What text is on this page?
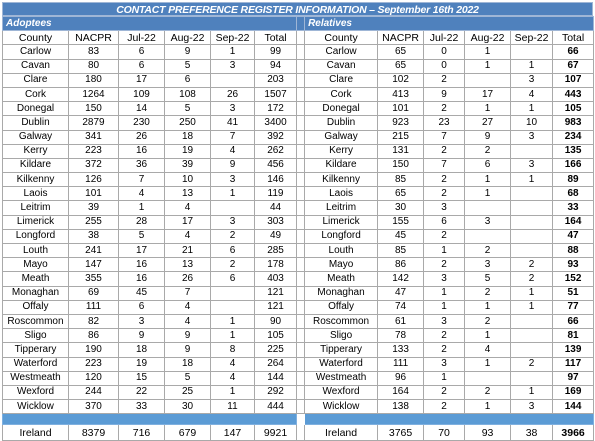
CONTACT PREFERENCE REGISTER INFORMATION – September 16th 2022
Adoptees							Relatives					
County	NACPR	Jul-22	Aug-22	Sep-22	Total		County	NACPR	Jul-22	Aug-22	Sep-22	Total
Carlow	83	6	9	1	99		Carlow	65	0	1		66
Cavan	80	6	5	3	94		Cavan	65	0	1	1	67
Clare	180	17	6		203		Clare	102	2		3	107
Cork	1264	109	108	26	1507		Cork	413	9	17	4	443
Donegal	150	14	5	3	172		Donegal	101	2	1	1	105
Dublin	2879	230	250	41	3400		Dublin	923	23	27	10	983
Galway	341	26	18	7	392		Galway	215	7	9	3	234
Kerry	223	16	19	4	262		Kerry	131	2	2		135
Kildare	372	36	39	9	456		Kildare	150	7	6	3	166
Kilkenny	126	7	10	3	146		Kilkenny	85	2	1	1	89
Laois	101	4	13	1	119		Laois	65	2	1		68
Leitrim	39	1	4		44		Leitrim	30	3			33
Limerick	255	28	17	3	303		Limerick	155	6	3		164
Longford	38	5	4	2	49		Longford	45	2			47
Louth	241	17	21	6	285		Louth	85	1	2		88
Mayo	147	16	13	2	178		Mayo	86	2	3	2	93
Meath	355	16	26	6	403		Meath	142	3	5	2	152
Monaghan	69	45	7		121		Monaghan	47	1	2	1	51
Offaly	111	6	4		121		Offaly	74	1	1	1	77
Roscommon	82	3	4	1	90		Roscommon	61	3	2		66
Sligo	86	9	9	1	105		Sligo	78	2	1		81
Tipperary	190	18	9	8	225		Tipperary	133	2	4		139
Waterford	223	19	18	4	264		Waterford	111	3	1	2	117
Westmeath	120	15	5	4	144		Westmeath	96	1			97
Wexford	244	22	25	1	292		Wexford	164	2	2	1	169
Wicklow	370	33	30	11	444		Wicklow	138	2	1	3	144

Ireland	8379	716	679	147	9921		Ireland	3765	70	93	38	3966
